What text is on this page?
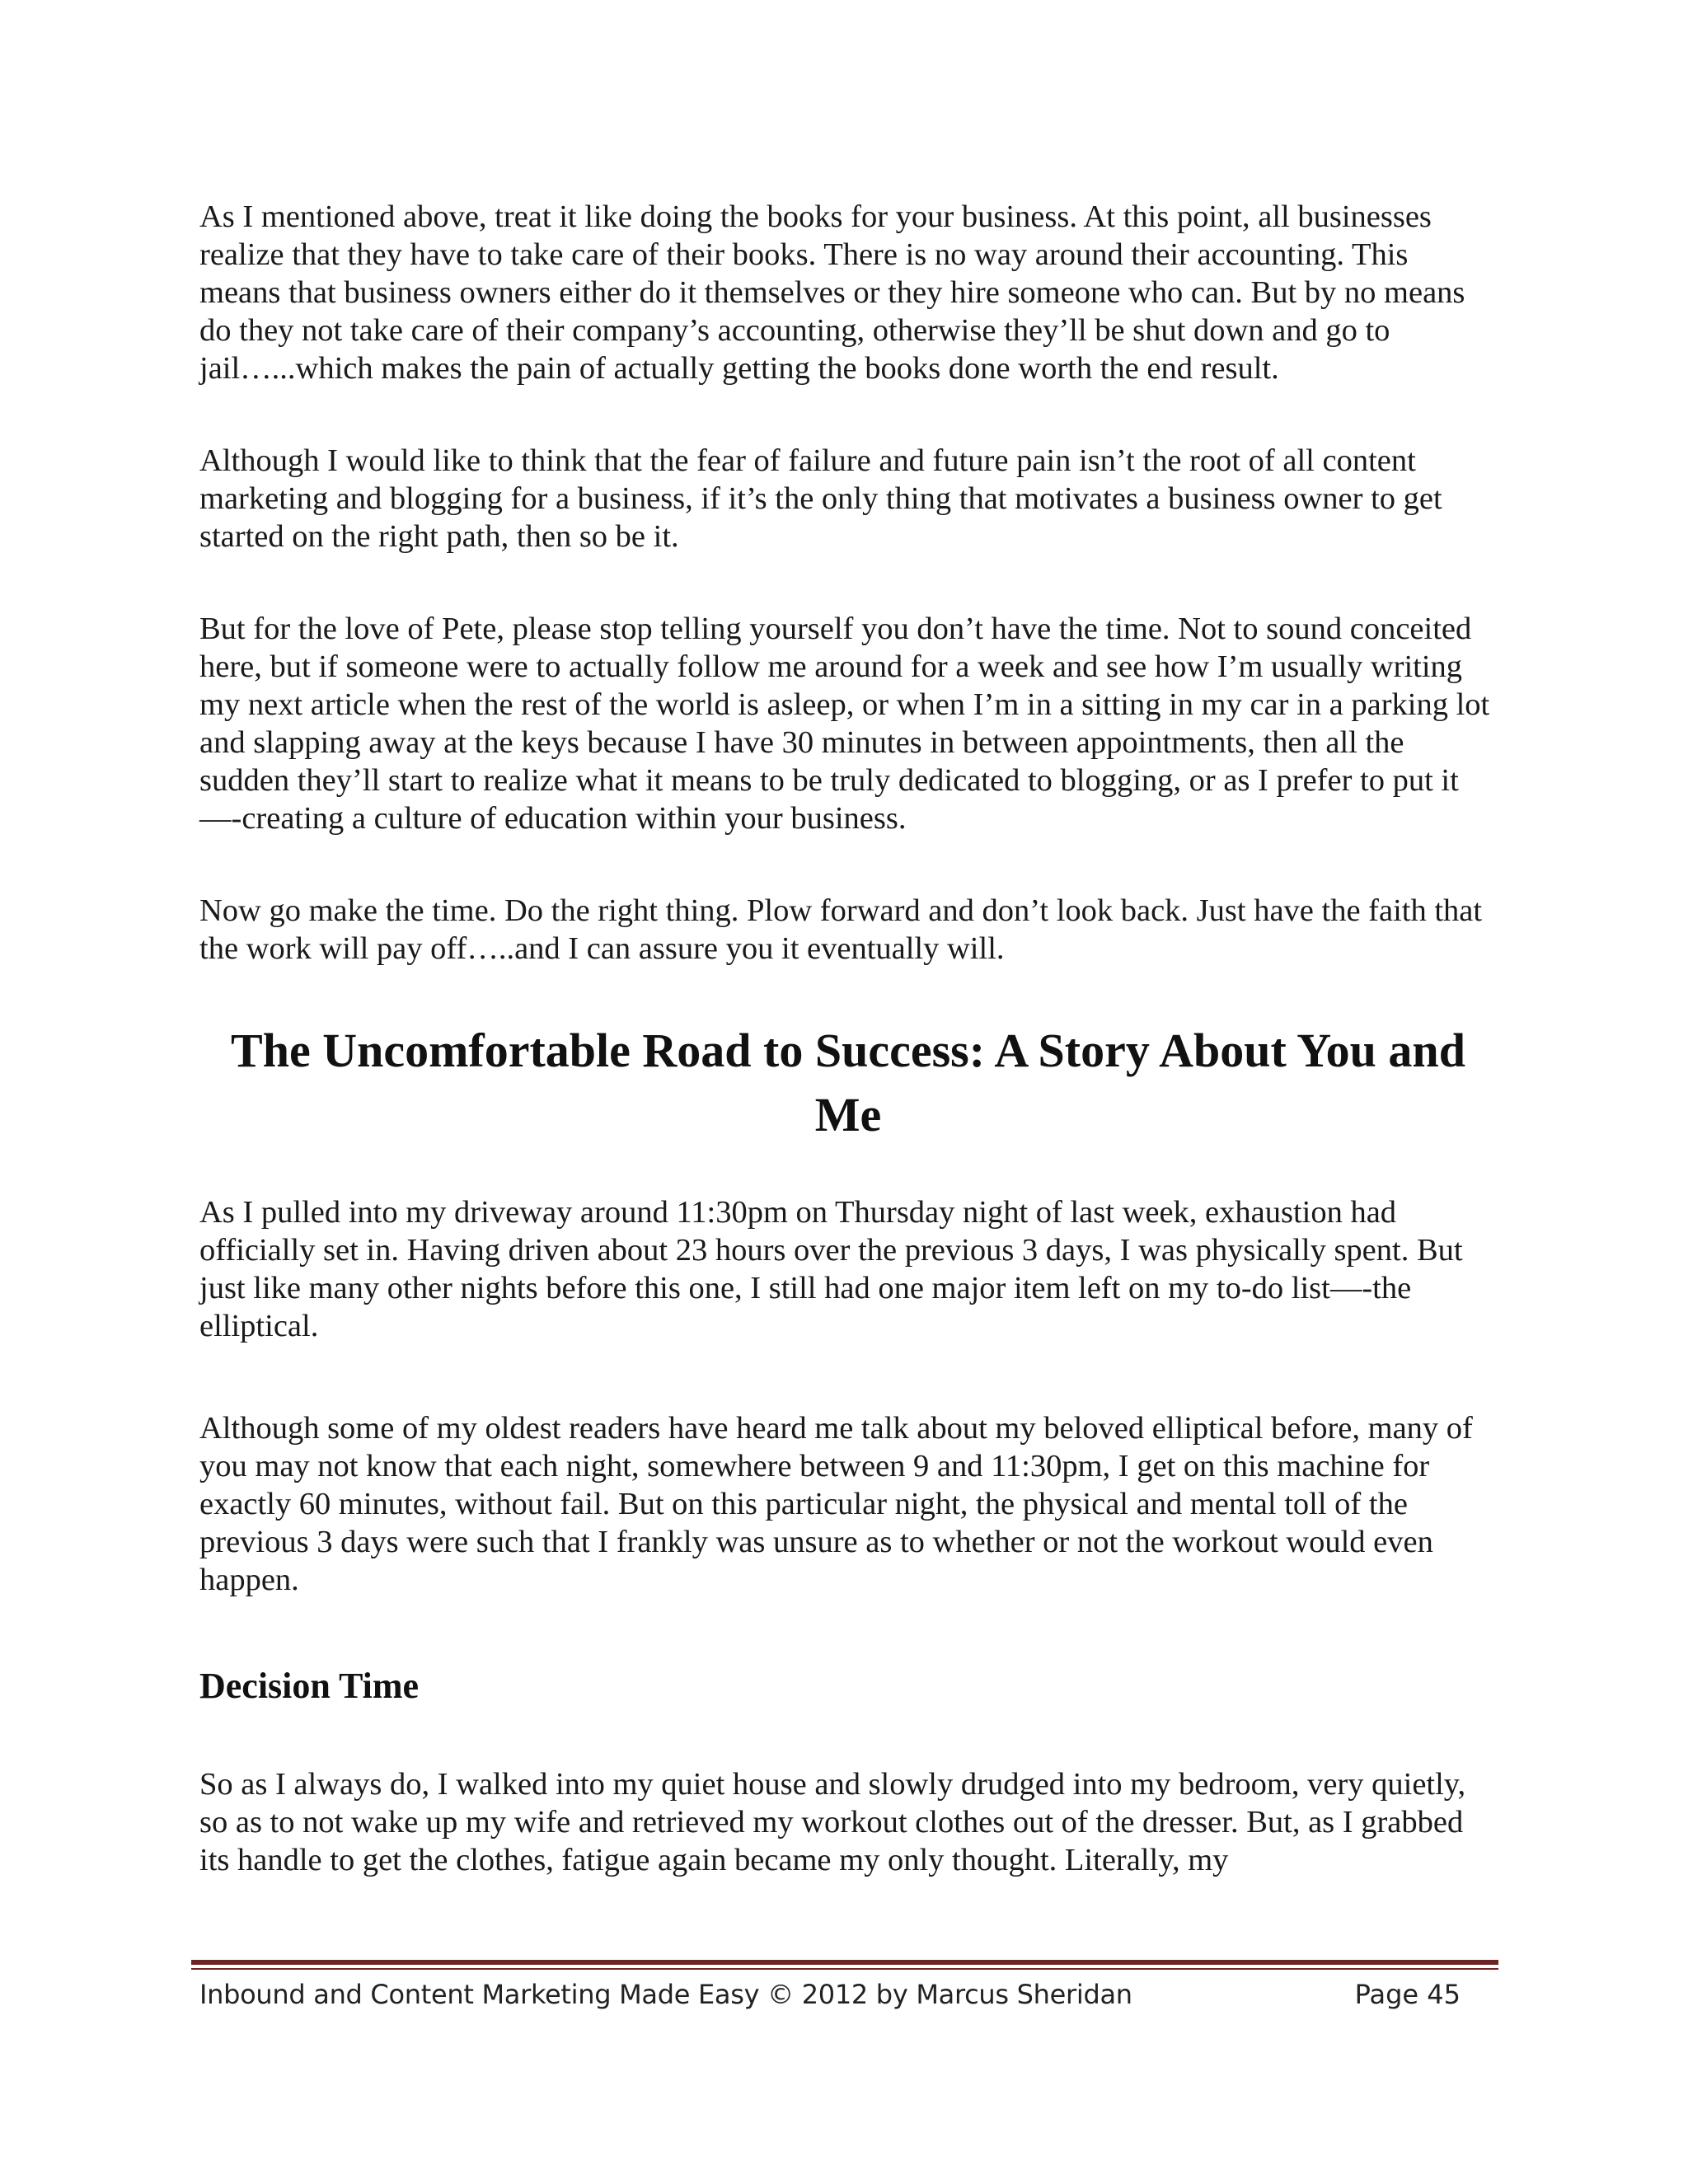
As I mentioned above, treat it like doing the books for your business. At this point, all businesses realize that they have to take care of their books. There is no way around their accounting. This means that business owners either do it themselves or they hire someone who can. But by no means do they not take care of their company’s accounting, otherwise they’ll be shut down and go to jail…...which makes the pain of actually getting the books done worth the end result.

Although I would like to think that the fear of failure and future pain isn’t the root of all content marketing and blogging for a business, if it’s the only thing that motivates a business owner to get started on the right path, then so be it.

But for the love of Pete, please stop telling yourself you don’t have the time. Not to sound conceited here, but if someone were to actually follow me around for a week and see how I’m usually writing my next article when the rest of the world is asleep, or when I’m in a sitting in my car in a parking lot and slapping away at the keys because I have 30 minutes in between appointments, then all the sudden they’ll start to realize what it means to be truly dedicated to blogging, or as I prefer to put it—-creating a culture of education within your business.

Now go make the time. Do the right thing. Plow forward and don’t look back. Just have the faith that the work will pay off…..and I can assure you it eventually will.

The Uncomfortable Road to Success: A Story About You and Me

As I pulled into my driveway around 11:30pm on Thursday night of last week, exhaustion had officially set in. Having driven about 23 hours over the previous 3 days, I was physically spent. But just like many other nights before this one, I still had one major item left on my to-do list—-the elliptical.

Although some of my oldest readers have heard me talk about my beloved elliptical before, many of you may not know that each night, somewhere between 9 and 11:30pm, I get on this machine for exactly 60 minutes, without fail. But on this particular night, the physical and mental toll of the previous 3 days were such that I frankly was unsure as to whether or not the workout would even happen.

Decision Time

So as I always do, I walked into my quiet house and slowly drudged into my bedroom, very quietly, so as to not wake up my wife and retrieved my workout clothes out of the dresser. But, as I grabbed its handle to get the clothes, fatigue again became my only thought. Literally, my

Inbound and Content Marketing Made Easy © 2012 by Marcus Sheridan	Page 45
